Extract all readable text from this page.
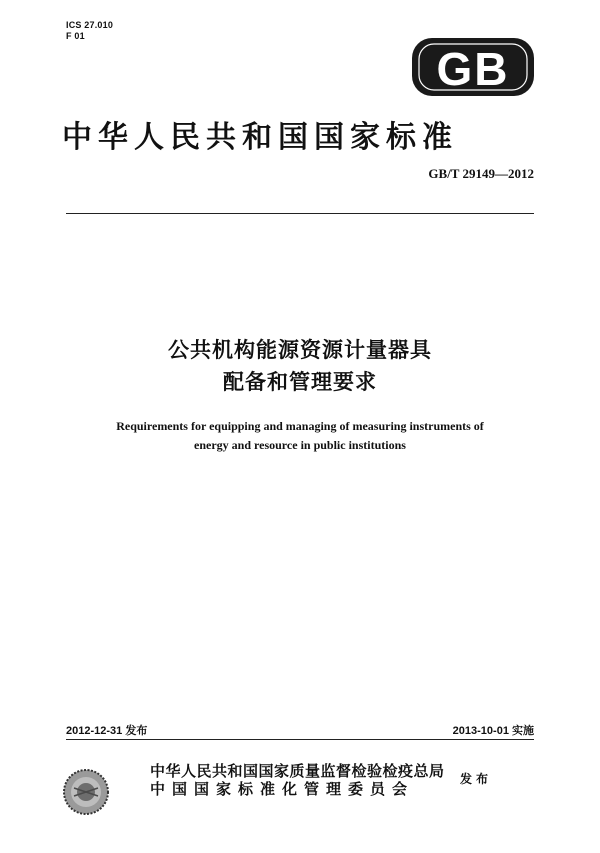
ICS 27.010
F 01
GB
中华人民共和国国家标准
GB/T 29149—2012
公共机构能源资源计量器具
配备和管理要求
Requirements for equipping and managing of measuring instruments of
energy and resource in public institutions
2012-12-31 发布	2013-10-01 实施
中华人民共和国国家质量监督检验检疫总局
中国国家标准化管理委员会
发布
